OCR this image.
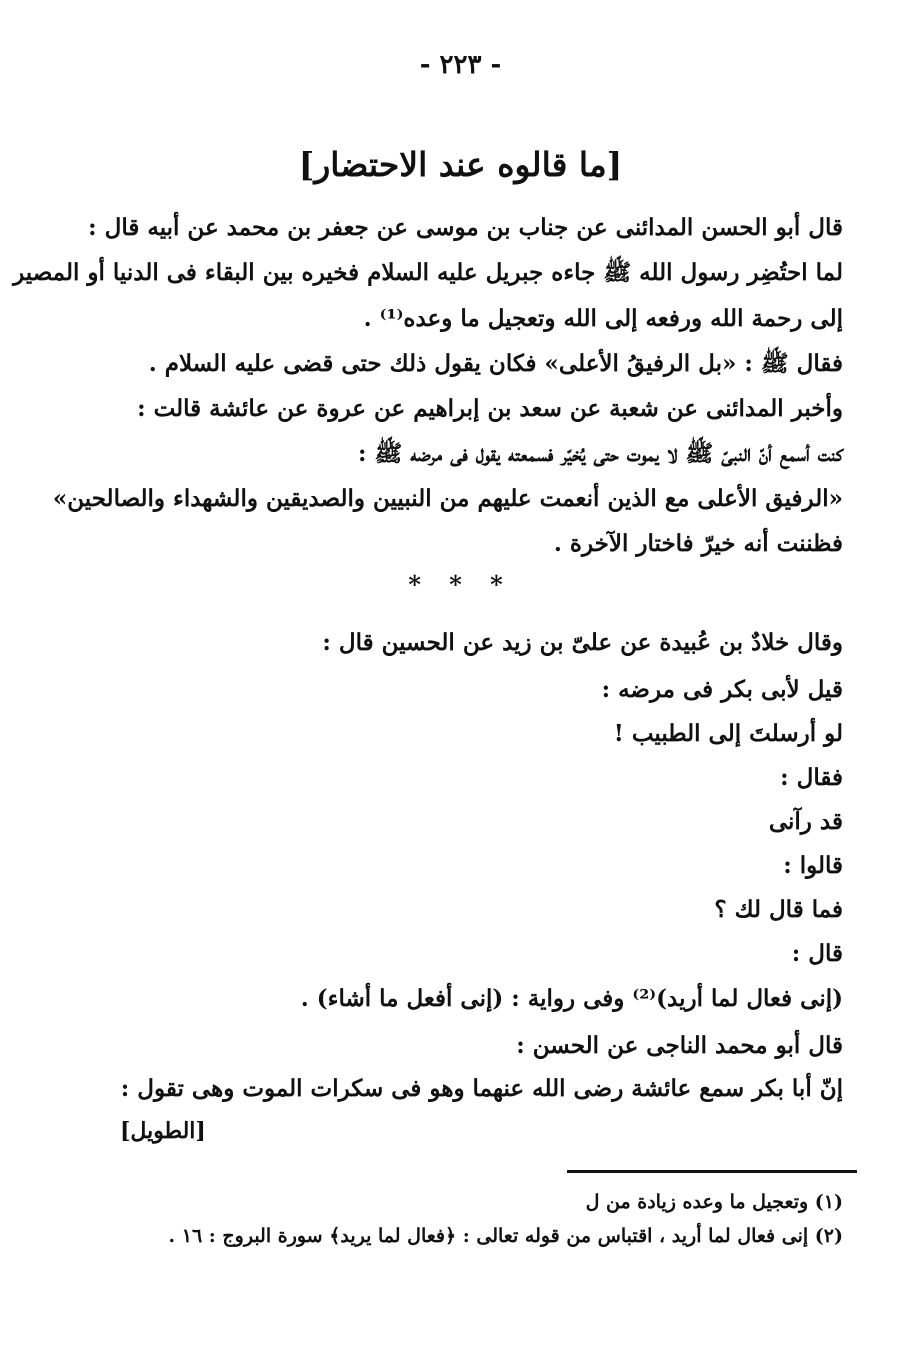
- ٢٢٣ -
[ما قالوه عند الاحتضار]
قال أبو الحسن المدائنى عن جناب بن موسى عن جعفر بن محمد عن أبيه قال :
لما احتُضِر رسول الله ﷺ جاءه جبريل عليه السلام فخيره بين البقاء فى الدنيا أو المصير
إلى رحمة الله ورفعه إلى الله وتعجيل ما وعده⁽¹⁾ .
فقال ﷺ : «بل الرفيقُ الأعلى» فكان يقول ذلك حتى قضى عليه السلام .
وأخبر المدائنى عن شعبة عن سعد بن إبراهيم عن عروة عن عائشة قالت :
كنت أسمع أنّ النبىّ ﷺ لا يموت حتى يُخيّر فسمعته يقول فى مرضه ﷺ :
«الرفيق الأعلى مع الذين أنعمت عليهم من النبيين والصديقين والشهداء والصالحين»
فظننت أنه خيرّ فاختار الآخرة .
* * *
وقال خلادٌ بن عُبيدة عن علىّ بن زيد عن الحسين قال :
قيل لأبى بكر فى مرضه :
لو أرسلتَ إلى الطبيب !
فقال :
قد رآنى
قالوا :
فما قال لك ؟
قال :
(إنى فعال لما أريد)⁽²⁾ وفى رواية : (إنى أفعل ما أشاء) .
قال أبو محمد الناجى عن الحسن :
إنّ أبا بكر سمع عائشة رضى الله عنهما وهو فى سكرات الموت وهى تقول :
[الطويل]
(١) وتعجيل ما وعده زيادة من ل
(٢) إنى فعال لما أريد ، اقتباس من قوله تعالى : ﴿فعال لما يريد﴾ سورة البروج : ١٦ .
